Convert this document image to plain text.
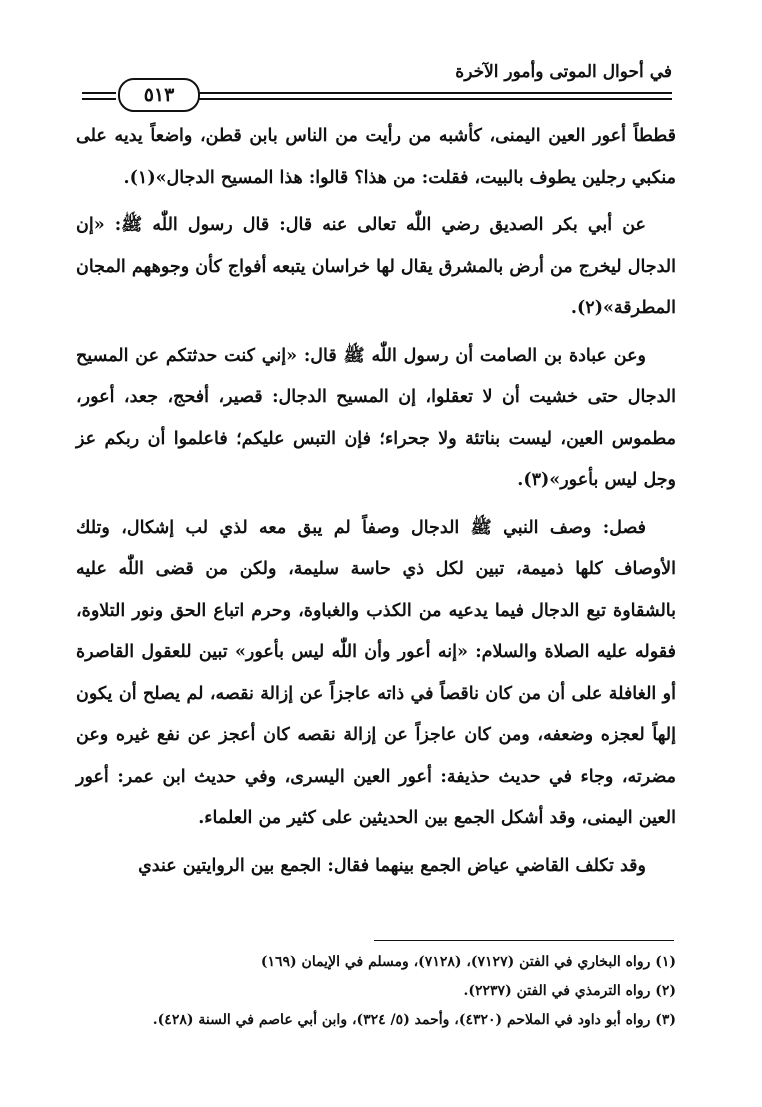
في أحوال الموتى وأمور الآخرة
٥١٣

قططاً أعور العين اليمنى، كأشبه من رأيت من الناس بابن قطن، واضعاً يديه على منكبي رجلين يطوف بالبيت، فقلت: من هذا؟ قالوا: هذا المسيح الدجال»(١).

عن أبي بكر الصديق رضي اللّٰه تعالى عنه قال: قال رسول اللّٰه ﷺ: «إن الدجال ليخرج من أرض بالمشرق يقال لها خراسان يتبعه أفواج كأن وجوههم المجان المطرقة»(٢).

وعن عبادة بن الصامت أن رسول اللّٰه ﷺ قال: «إني كنت حدثتكم عن المسيح الدجال حتى خشيت أن لا تعقلوا، إن المسيح الدجال: قصير، أفحج، جعد، أعور، مطموس العين، ليست بناتئة ولا جحراء؛ فإن التبس عليكم؛ فاعلموا أن ربكم عز وجل ليس بأعور»(٣).

فصل: وصف النبي ﷺ الدجال وصفاً لم يبق معه لذي لب إشكال، وتلك الأوصاف كلها ذميمة، تبين لكل ذي حاسة سليمة، ولكن من قضى اللّٰه عليه بالشقاوة تبع الدجال فيما يدعيه من الكذب والغباوة، وحرم اتباع الحق ونور التلاوة، فقوله عليه الصلاة والسلام: «إنه أعور وأن اللّٰه ليس بأعور» تبين للعقول القاصرة أو الغافلة على أن من كان ناقصاً في ذاته عاجزاً عن إزالة نقصه، لم يصلح أن يكون إلهاً لعجزه وضعفه، ومن كان عاجزاً عن إزالة نقصه كان أعجز عن نفع غيره وعن مضرته، وجاء في حديث حذيفة: أعور العين اليسرى، وفي حديث ابن عمر: أعور العين اليمنى، وقد أشكل الجمع بين الحديثين على كثير من العلماء.

وقد تكلف القاضي عياض الجمع بينهما فقال: الجمع بين الروايتين عندي

(١) رواه البخاري في الفتن (٧١٢٧)، (٧١٢٨)، ومسلم في الإيمان (١٦٩)
(٢) رواه الترمذي في الفتن (٢٢٣٧).
(٣) رواه أبو داود في الملاحم (٤٣٢٠)، وأحمد (٥/ ٣٢٤)، وابن أبي عاصم في السنة (٤٢٨).
